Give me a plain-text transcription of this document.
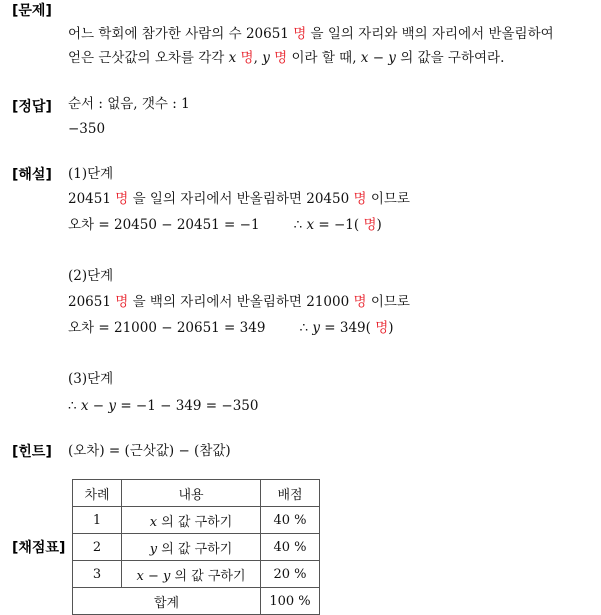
[문제]
[정답]
[해설]
[힌트]
[채점표]
어느 학회에 참가한 사람의 수 20651 명 을 일의 자리와 백의 자리에서 반올림하여
얻은 근삿값의 오차를 각각 x 명, y 명 이라 할 때, x − y 의 값을 구하여라.
순서 : 없음, 갯수 : 1
−350
(1)단계
20451 명 을 일의 자리에서 반올림하면 20450 명 이므로
오차 = 20450 − 20451 = −1	∴ x = −1( 명)
(2)단계
20651 명 을 백의 자리에서 반올림하면 21000 명 이므로
오차 = 21000 − 20651 = 349	∴ y = 349( 명)
(3)단계
∴ x − y = −1 − 349 = −350
(오차) = (근삿값) − (참값)
차례	내용	배점
1	x 의 값 구하기	40 %
2	y 의 값 구하기	40 %
3	x − y 의 값 구하기	20 %
합계		100 %
